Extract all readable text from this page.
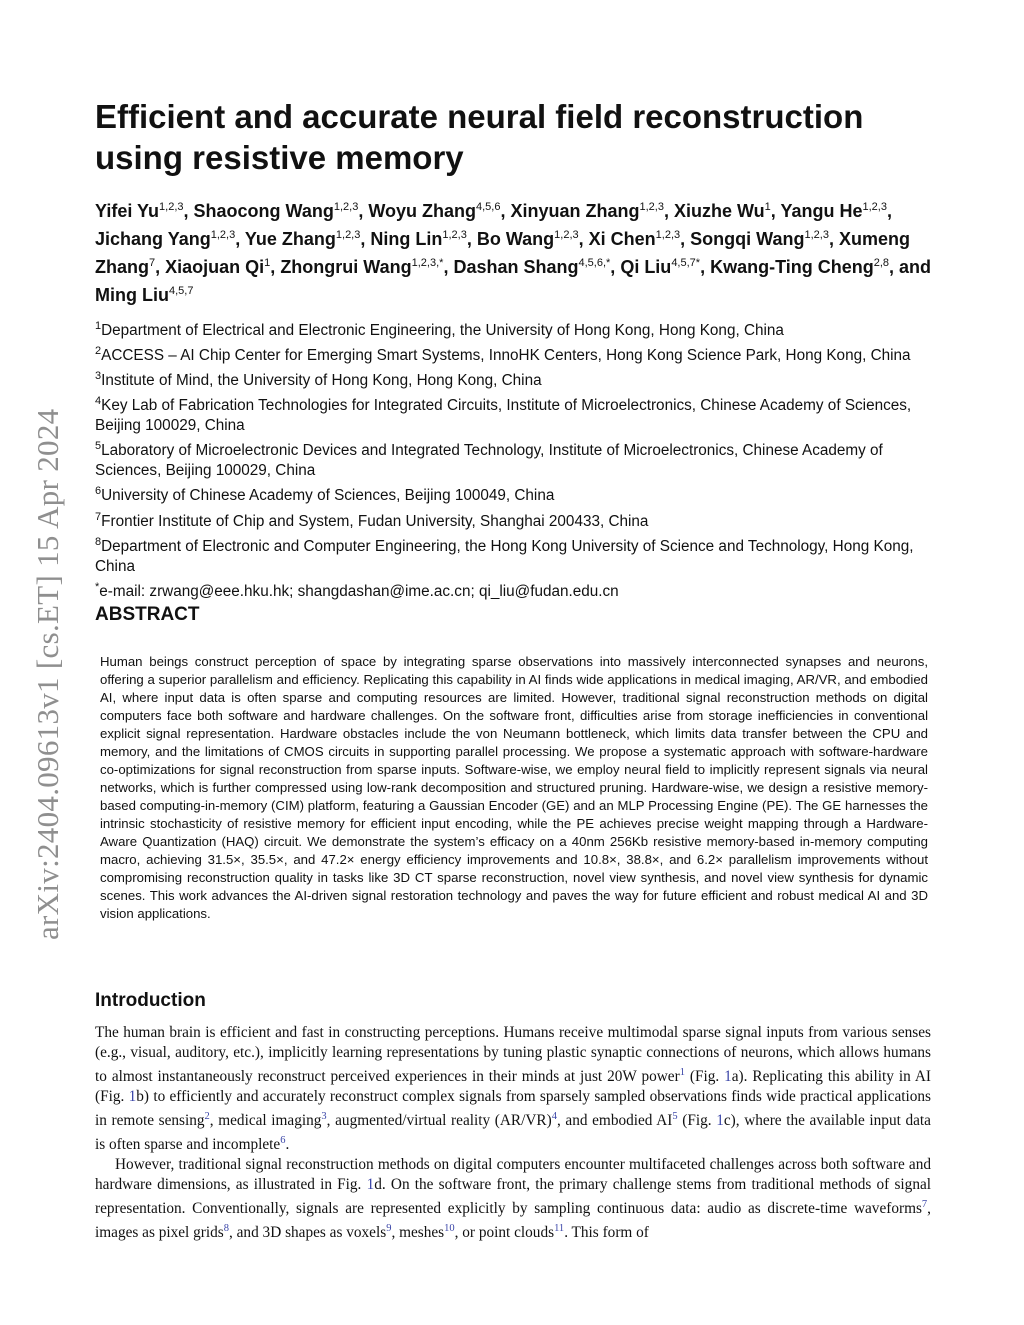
arXiv:2404.09613v1 [cs.ET] 15 Apr 2024
Efficient and accurate neural field reconstruction using resistive memory
Yifei Yu$^{1,2,3}$, Shaocong Wang$^{1,2,3}$, Woyu Zhang$^{4,5,6}$, Xinyuan Zhang$^{1,2,3}$, Xiuzhe Wu$^1$, Yangu He$^{1,2,3}$, Jichang Yang$^{1,2,3}$, Yue Zhang$^{1,2,3}$, Ning Lin$^{1,2,3}$, Bo Wang$^{1,2,3}$, Xi Chen$^{1,2,3}$, Songqi Wang$^{1,2,3}$, Xumeng Zhang$^7$, Xiaojuan Qi$^1$, Zhongrui Wang$^{1,2,3,*}$, Dashan Shang$^{4,5,6,*}$, Qi Liu$^{4,5,7*}$, Kwang-Ting Cheng$^{2,8}$, and Ming Liu$^{4,5,7}$
$^1$Department of Electrical and Electronic Engineering, the University of Hong Kong, Hong Kong, China
$^2$ACCESS – AI Chip Center for Emerging Smart Systems, InnoHK Centers, Hong Kong Science Park, Hong Kong, China
$^3$Institute of Mind, the University of Hong Kong, Hong Kong, China
$^4$Key Lab of Fabrication Technologies for Integrated Circuits, Institute of Microelectronics, Chinese Academy of Sciences, Beijing 100029, China
$^5$Laboratory of Microelectronic Devices and Integrated Technology, Institute of Microelectronics, Chinese Academy of Sciences, Beijing 100029, China
$^6$University of Chinese Academy of Sciences, Beijing 100049, China
$^7$Frontier Institute of Chip and System, Fudan University, Shanghai 200433, China
$^8$Department of Electronic and Computer Engineering, the Hong Kong University of Science and Technology, Hong Kong, China
*e-mail: zrwang@eee.hku.hk; shangdashan@ime.ac.cn; qi_liu@fudan.edu.cn
ABSTRACT

Human beings construct perception of space by integrating sparse observations into massively interconnected synapses and neurons, offering a superior parallelism and efficiency. Replicating this capability in AI finds wide applications in medical imaging, AR/VR, and embodied AI, where input data is often sparse and computing resources are limited. However, traditional signal reconstruction methods on digital computers face both software and hardware challenges. On the software front, difficulties arise from storage inefficiencies in conventional explicit signal representation. Hardware obstacles include the von Neumann bottleneck, which limits data transfer between the CPU and memory, and the limitations of CMOS circuits in supporting parallel processing. We propose a systematic approach with software-hardware co-optimizations for signal reconstruction from sparse inputs. Software-wise, we employ neural field to implicitly represent signals via neural networks, which is further compressed using low-rank decomposition and structured pruning. Hardware-wise, we design a resistive memory-based computing-in-memory (CIM) platform, featuring a Gaussian Encoder (GE) and an MLP Processing Engine (PE). The GE harnesses the intrinsic stochasticity of resistive memory for efficient input encoding, while the PE achieves precise weight mapping through a Hardware-Aware Quantization (HAQ) circuit. We demonstrate the system’s efficacy on a 40nm 256Kb resistive memory-based in-memory computing macro, achieving 31.5×, 35.5×, and 47.2× energy efficiency improvements and 10.8×, 38.8×, and 6.2× parallelism improvements without compromising reconstruction quality in tasks like 3D CT sparse reconstruction, novel view synthesis, and novel view synthesis for dynamic scenes. This work advances the AI-driven signal restoration technology and paves the way for future efficient and robust medical AI and 3D vision applications.

Introduction

The human brain is efficient and fast in constructing perceptions. Humans receive multimodal sparse signal inputs from various senses (e.g., visual, auditory, etc.), implicitly learning representations by tuning plastic synaptic connections of neurons, which allows humans to almost instantaneously reconstruct perceived experiences in their minds at just 20W power$^1$ (Fig. 1a). Replicating this ability in AI (Fig. 1b) to efficiently and accurately reconstruct complex signals from sparsely sampled observations finds wide practical applications in remote sensing$^2$, medical imaging$^3$, augmented/virtual reality (AR/VR)$^4$, and embodied AI$^5$ (Fig. 1c), where the available input data is often sparse and incomplete$^6$.

However, traditional signal reconstruction methods on digital computers encounter multifaceted challenges across both software and hardware dimensions, as illustrated in Fig. 1d. On the software front, the primary challenge stems from traditional methods of signal representation. Conventionally, signals are represented explicitly by sampling continuous data: audio as discrete-time waveforms$^7$, images as pixel grids$^8$, and 3D shapes as voxels$^9$, meshes$^{10}$, or point clouds$^{11}$. This form of
